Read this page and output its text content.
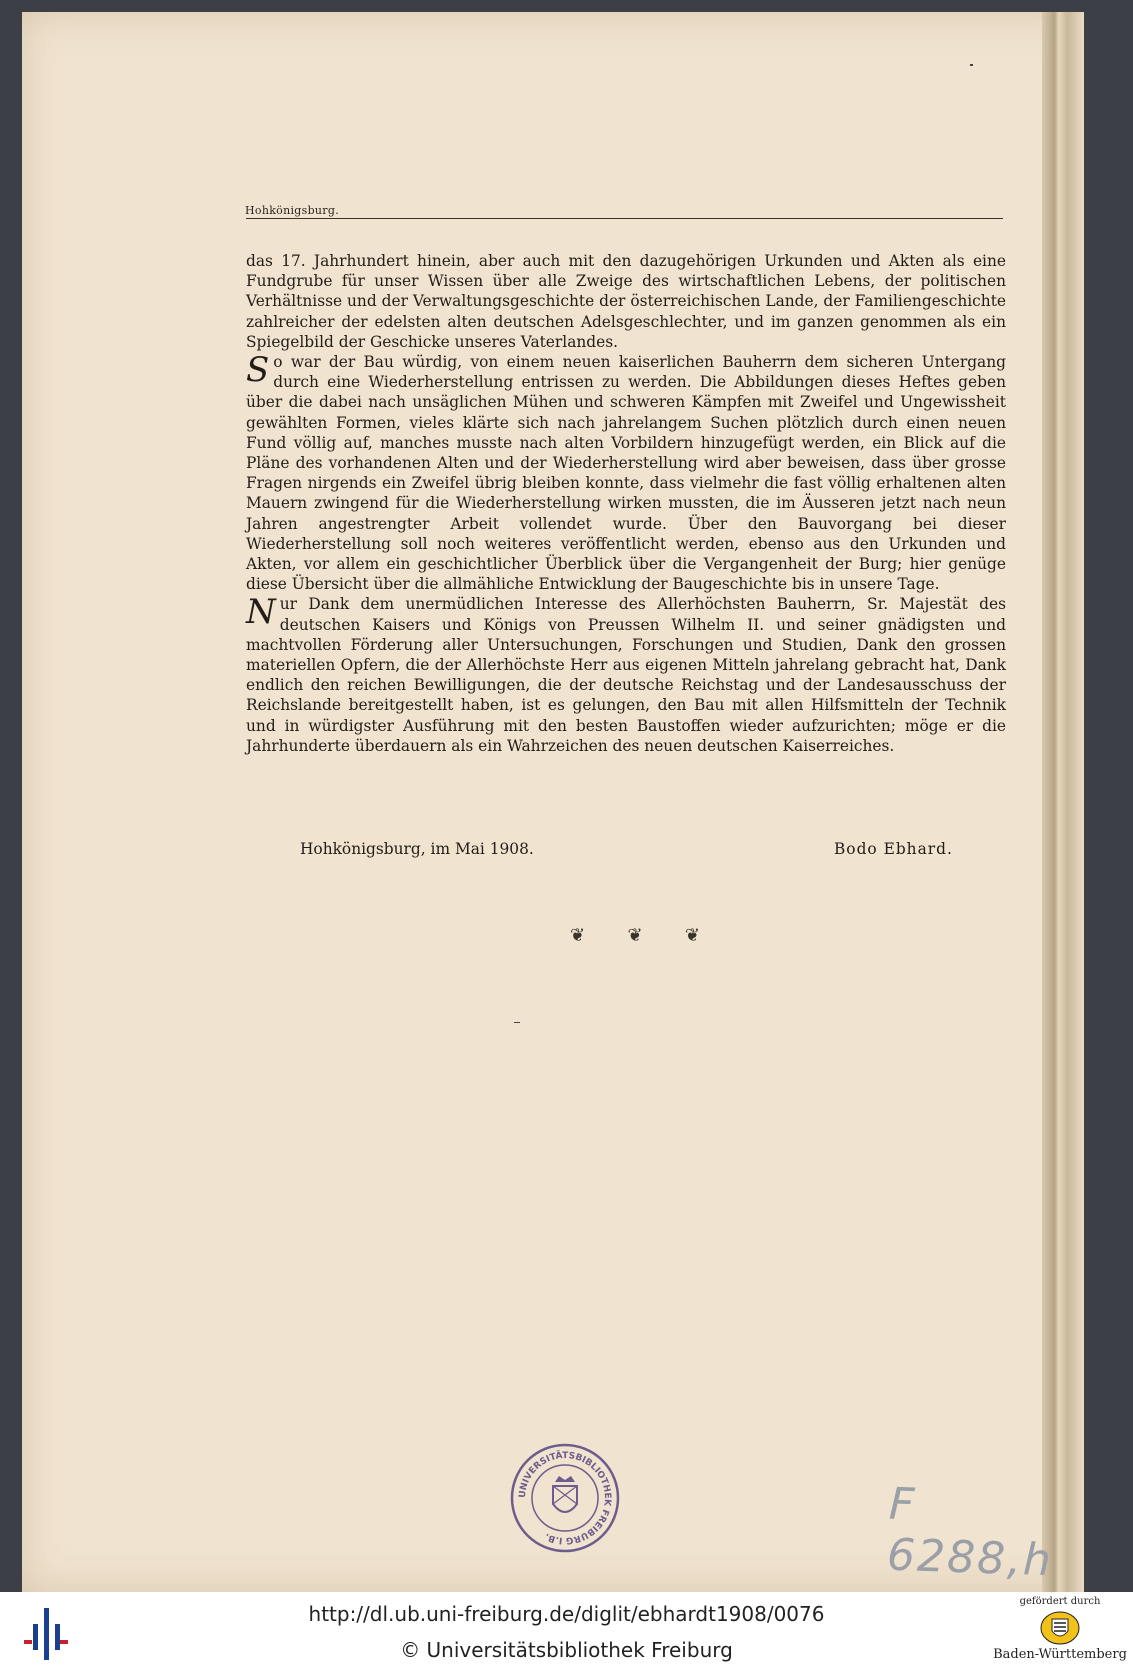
Hohkönigsburg.

das 17. Jahrhundert hinein, aber auch mit den dazugehörigen Urkunden und Akten als eine Fundgrube für unser Wissen über alle Zweige des wirtschaftlichen Lebens, der politischen Verhältnisse und der Verwaltungsgeschichte der österreichischen Lande, der Familiengeschichte zahlreicher der edelsten alten deutschen Adelsgeschlechter, und im ganzen genommen als ein Spiegelbild der Geschicke unseres Vaterlandes.

So war der Bau würdig, von einem neuen kaiserlichen Bauherrn dem sicheren Untergang durch eine Wiederherstellung entrissen zu werden. Die Abbildungen dieses Heftes geben über die dabei nach unsäglichen Mühen und schweren Kämpfen mit Zweifel und Ungewissheit gewählten Formen, vieles klärte sich nach jahrelangem Suchen plötzlich durch einen neuen Fund völlig auf, manches musste nach alten Vorbildern hinzugefügt werden, ein Blick auf die Pläne des vorhandenen Alten und der Wiederherstellung wird aber beweisen, dass über grosse Fragen nirgends ein Zweifel übrig bleiben konnte, dass vielmehr die fast völlig erhaltenen alten Mauern zwingend für die Wiederherstellung wirken mussten, die im Äusseren jetzt nach neun Jahren angestrengter Arbeit vollendet wurde. Über den Bauvorgang bei dieser Wiederherstellung soll noch weiteres veröffentlicht werden, ebenso aus den Urkunden und Akten, vor allem ein geschichtlicher Überblick über die Vergangenheit der Burg; hier genüge diese Übersicht über die allmähliche Entwicklung der Baugeschichte bis in unsere Tage.

Nur Dank dem unermüdlichen Interesse des Allerhöchsten Bauherrn, Sr. Majestät des deutschen Kaisers und Königs von Preussen Wilhelm II. und seiner gnädigsten und machtvollen Förderung aller Untersuchungen, Forschungen und Studien, Dank den grossen materiellen Opfern, die der Allerhöchste Herr aus eigenen Mitteln jahrelang gebracht hat, Dank endlich den reichen Bewilligungen, die der deutsche Reichstag und der Landesausschuss der Reichslande bereitgestellt haben, ist es gelungen, den Bau mit allen Hilfsmitteln der Technik und in würdigster Ausführung mit den besten Baustoffen wieder aufzurichten; möge er die Jahrhunderte überdauern als ein Wahrzeichen des neuen deutschen Kaiserreiches.

Hohkönigsburg, im Mai 1908.	Bodo Ebhard.
❦ ❦ ❦
UNIVERSITÄTSBIBLIOTHEK FREIBURG I.B.
F 6288,h
http://dl.ub.uni-freiburg.de/diglit/ebhardt1908/0076
© Universitätsbibliothek Freiburg
gefördert durch
Baden-Württemberg
